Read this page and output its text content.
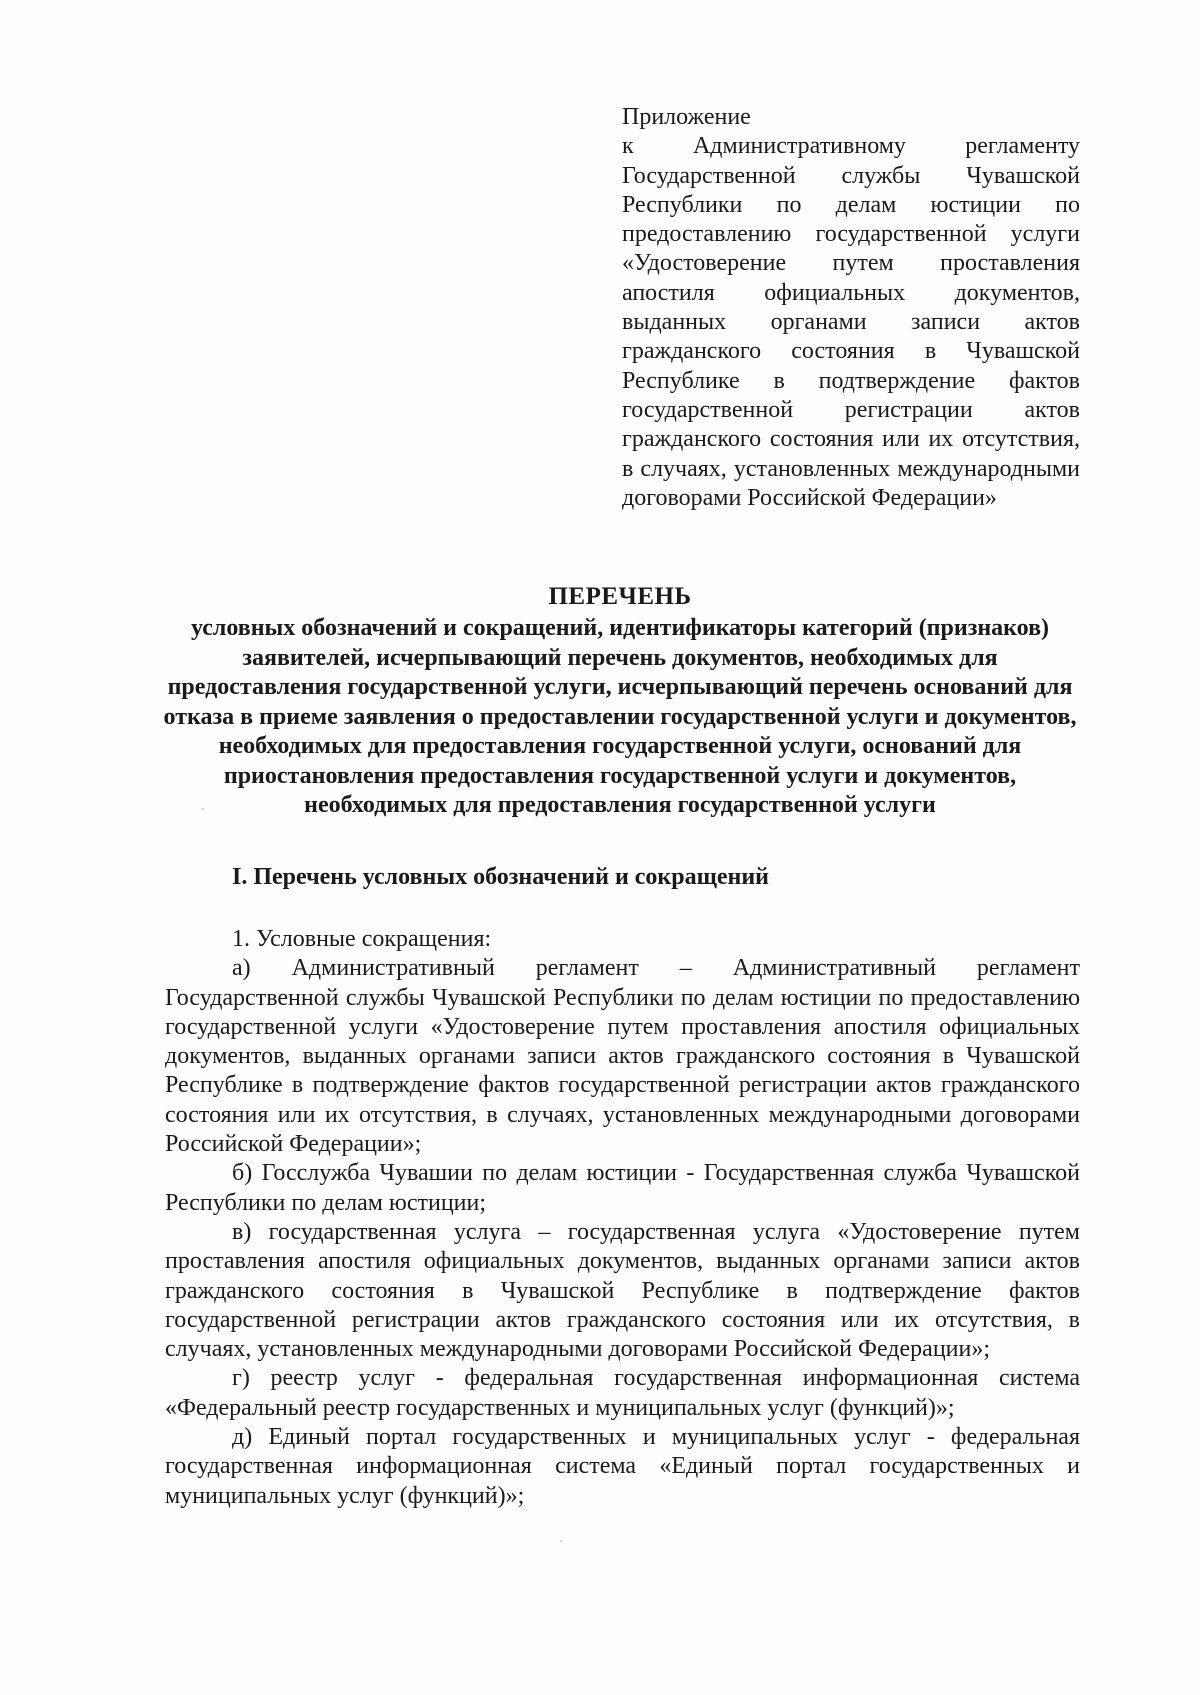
Приложение
к Административному регламенту Государственной службы Чувашской Республики по делам юстиции по предоставлению государственной услуги «Удостоверение путем проставления апостиля официальных документов, выданных органами записи актов гражданского состояния в Чувашской Республике в подтверждение фактов государственной регистрации актов гражданского состояния или их отсутствия, в случаях, установленных международными договорами Российской Федерации»
ПЕРЕЧЕНЬ
условных обозначений и сокращений, идентификаторы категорий (признаков) заявителей, исчерпывающий перечень документов, необходимых для предоставления государственной услуги, исчерпывающий перечень оснований для отказа в приеме заявления о предоставлении государственной услуги и документов, необходимых для предоставления государственной услуги, оснований для приостановления предоставления государственной услуги и документов, необходимых для предоставления государственной услуги
I. Перечень условных обозначений и сокращений

1. Условные сокращения:

а) Административный регламент – Административный регламент Государственной службы Чувашской Республики по делам юстиции по предоставлению государственной услуги «Удостоверение путем проставления апостиля официальных документов, выданных органами записи актов гражданского состояния в Чувашской Республике в подтверждение фактов государственной регистрации актов гражданского состояния или их отсутствия, в случаях, установленных международными договорами Российской Федерации»;

б) Госслужба Чувашии по делам юстиции - Государственная служба Чувашской Республики по делам юстиции;

в) государственная услуга – государственная услуга «Удостоверение путем проставления апостиля официальных документов, выданных органами записи актов гражданского состояния в Чувашской Республике в подтверждение фактов государственной регистрации актов гражданского состояния или их отсутствия, в случаях, установленных международными договорами Российской Федерации»;

г) реестр услуг - федеральная государственная информационная система «Федеральный реестр государственных и муниципальных услуг (функций)»;

д) Единый портал государственных и муниципальных услуг - федеральная государственная информационная система «Единый портал государственных и муниципальных услуг (функций)»;
